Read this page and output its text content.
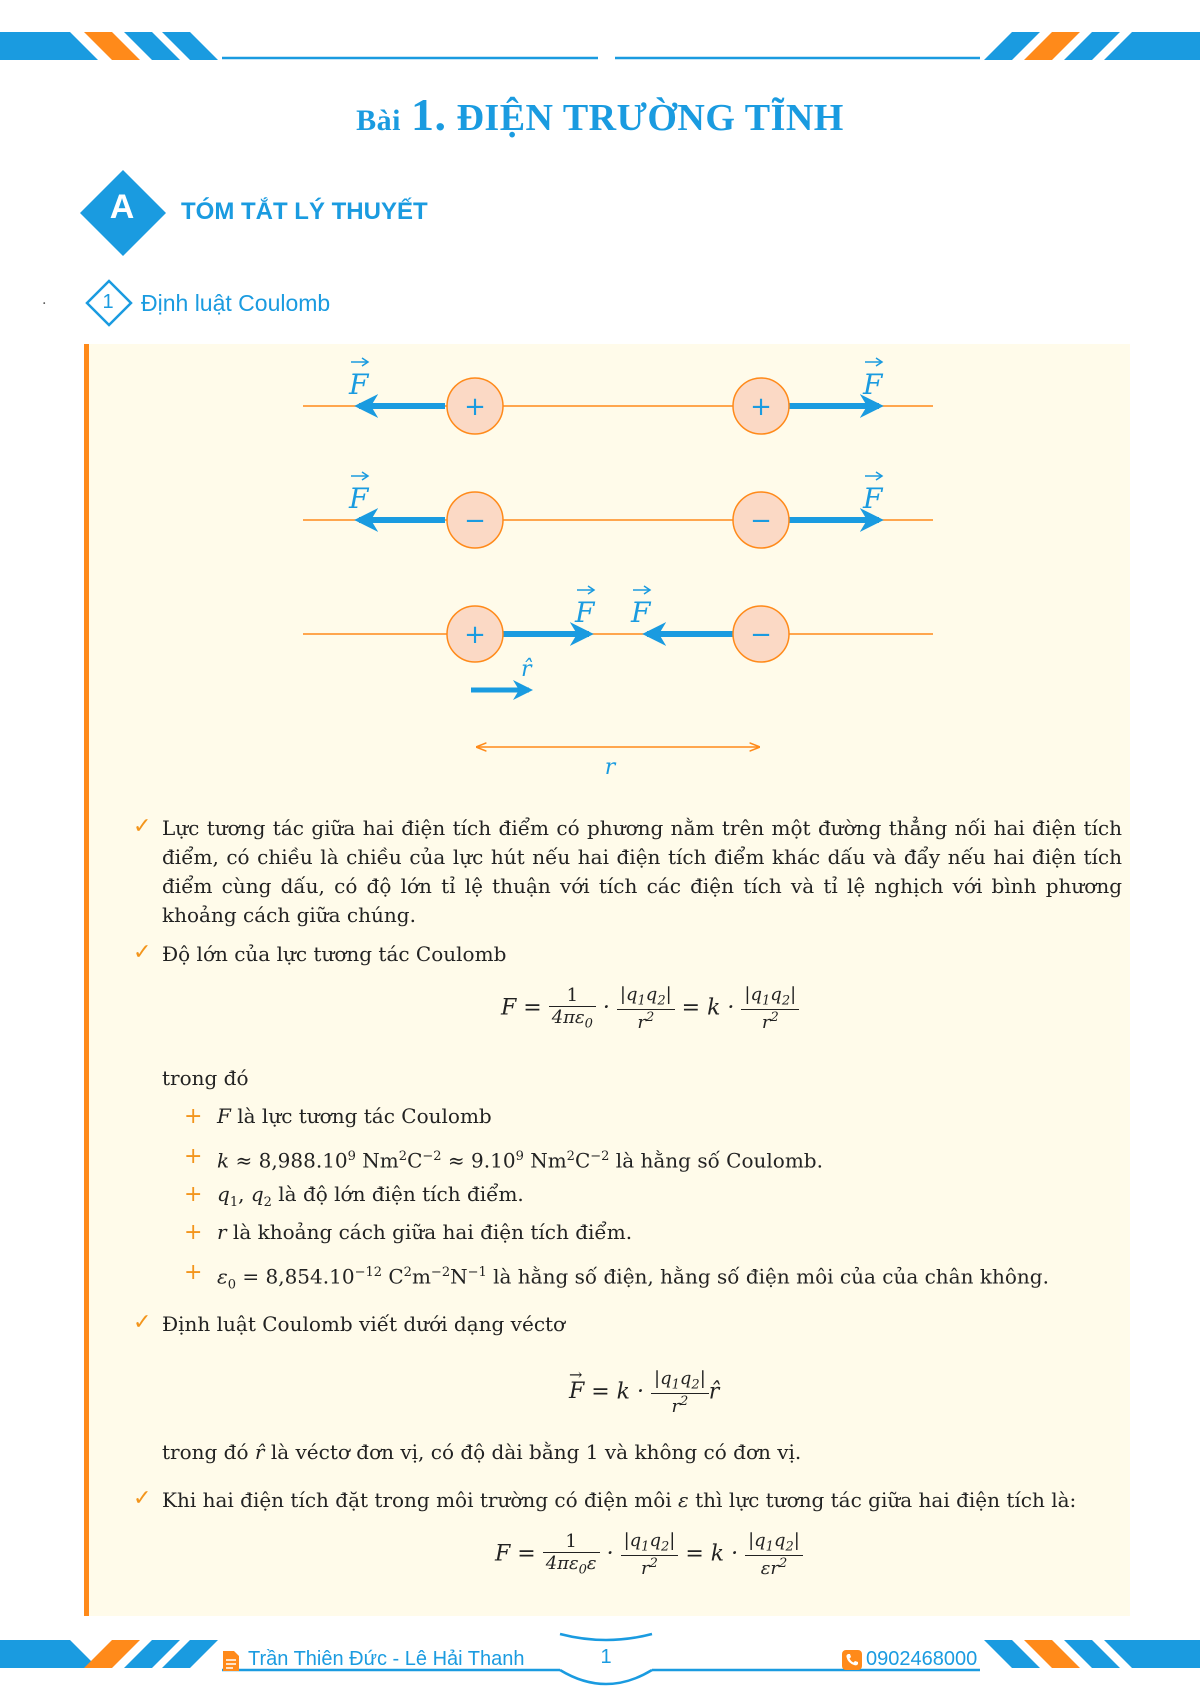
Bài 1. ĐIỆN TRƯỜNG TĨNH
A	TÓM TẮT LÝ THUYẾT
.	1	Định luật Coulomb
+	+
F	F
−	−
F	F
+	−
F F
r̂
r
✓ Lực tương tác giữa hai điện tích điểm có phương nằm trên một đường thẳng nối hai điện tích điểm, có chiều là chiều của lực hút nếu hai điện tích điểm khác dấu và đẩy nếu hai điện tích điểm cùng dấu, có độ lớn tỉ lệ thuận với tích các điện tích và tỉ lệ nghịch với bình phương khoảng cách giữa chúng.
✓ Độ lớn của lực tương tác Coulomb
$F = \frac{1}{4\pi\varepsilon_0} \cdot \frac{|q_1q_2|}{r^2} = k \cdot \frac{|q_1q_2|}{r^2}$
trong đó
+ F là lực tương tác Coulomb
+ $k \approx 8,988.10^9$ $Nm^2C^{-2} \approx 9.10^9$ $Nm^2C^{-2}$ là hằng số Coulomb.
+ $q_1$, $q_2$ là độ lớn điện tích điểm.
+ r là khoảng cách giữa hai điện tích điểm.
+ $\varepsilon_0 = 8,854.10^{-12}$ $C^2m^{-2}N^{-1}$ là hằng số điện, hằng số điện môi của của chân không.
✓ Định luật Coulomb viết dưới dạng véctơ
F
→
= $k \cdot \frac{|q_1q_2|}{r^2}$ r̂
trong đó r̂ là véctơ đơn vị, có độ dài bằng 1 và không có đơn vị.
✓ Khi hai điện tích đặt trong môi trường có điện môi ε thì lực tương tác giữa hai điện tích là:
$F = \frac{1}{4\pi\varepsilon_0\varepsilon} \cdot \frac{|q_1q_2|}{r^2} = k \cdot \frac{|q_1q_2|}{\varepsilon r^2}$
Trần Thiên Đức - Lê Hải Thanh	1	0902468000
